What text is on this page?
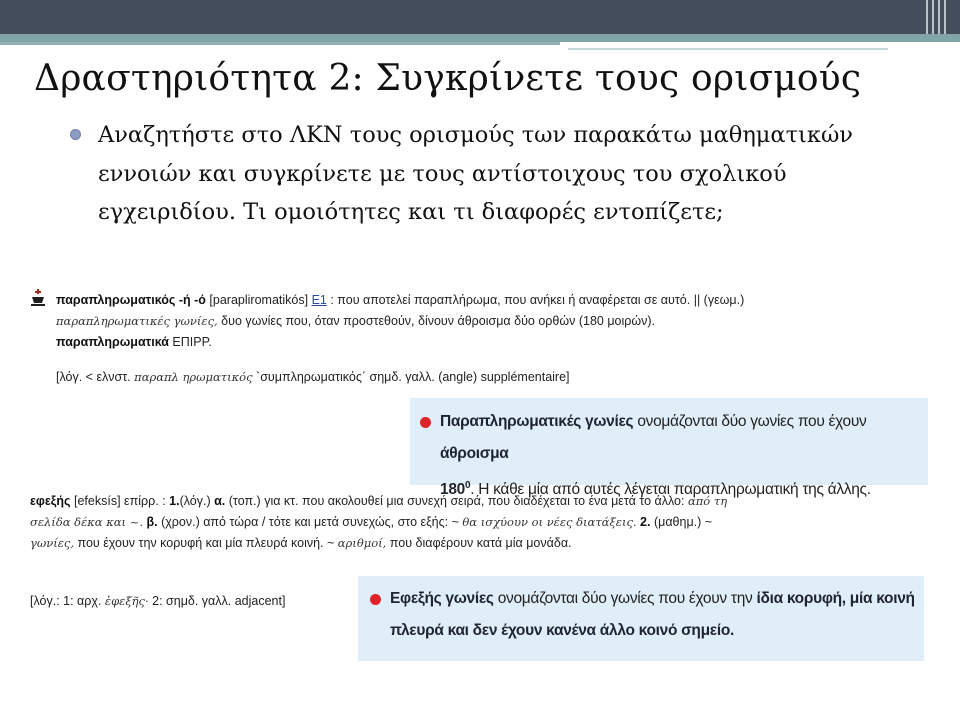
Δραστηριότητα 2: Συγκρίνετε τους ορισμούς
Αναζητήστε στο ΛΚΝ τους ορισμούς των παρακάτω μαθηματικών εννοιών και συγκρίνετε με τους αντίστοιχους του σχολικού εγχειριδίου. Τι ομοιότητες και τι διαφορές εντοπίζετε;
παραπληρωματικός -ή -ό [paraplirοmatikós] Ε1 : που αποτελεί παραπλήρωμα, που ανήκει ή αναφέρεται σε αυτό. || (γεωμ.) παραπληρωματικές γωνίες, δυο γωνίες που, όταν προστεθούν, δίνουν άθροισμα δύο ορθών (180 μοιρών). παραπληρωματικά ΕΠΙΡΡ.
[λόγ. < ελνστ. παραπλ ηρωματικός `συμπληρωματικός΄ σημδ. γαλλ. (angle) supplémentaire]
Παραπληρωματικές γωνίες ονομάζονται δύο γωνίες που έχουν άθροισμα
$180^0$. Η κάθε μία από αυτές λέγεται παραπληρωματική της άλλης.
εφεξής [efeksís] επίρρ. : 1.(λόγ.) α. (τοπ.) για κτ. που ακολουθεί μια συνεχή σειρά, που διαδέχεται το ένα μετά το άλλο: από τη σελίδα δέκα και ~. β. (χρον.) από τώρα / τότε και μετά συνεχώς, στο εξής: ~ θα ισχύουν οι νέες διατάξεις. 2. (μαθημ.) ~ γωνίες, που έχουν την κορυφή και μία πλευρά κοινή. ~ αριθμοί, που διαφέρουν κατά μία μονάδα.
[λόγ.: 1: αρχ. ἐφεξῆς· 2: σημδ. γαλλ. adjacent]	Εφεξής γωνίες ονομάζονται δύο γωνίες που έχουν την ίδια κορυφή, μία κοινή πλευρά και δεν έχουν κανένα άλλο κοινό σημείο.
